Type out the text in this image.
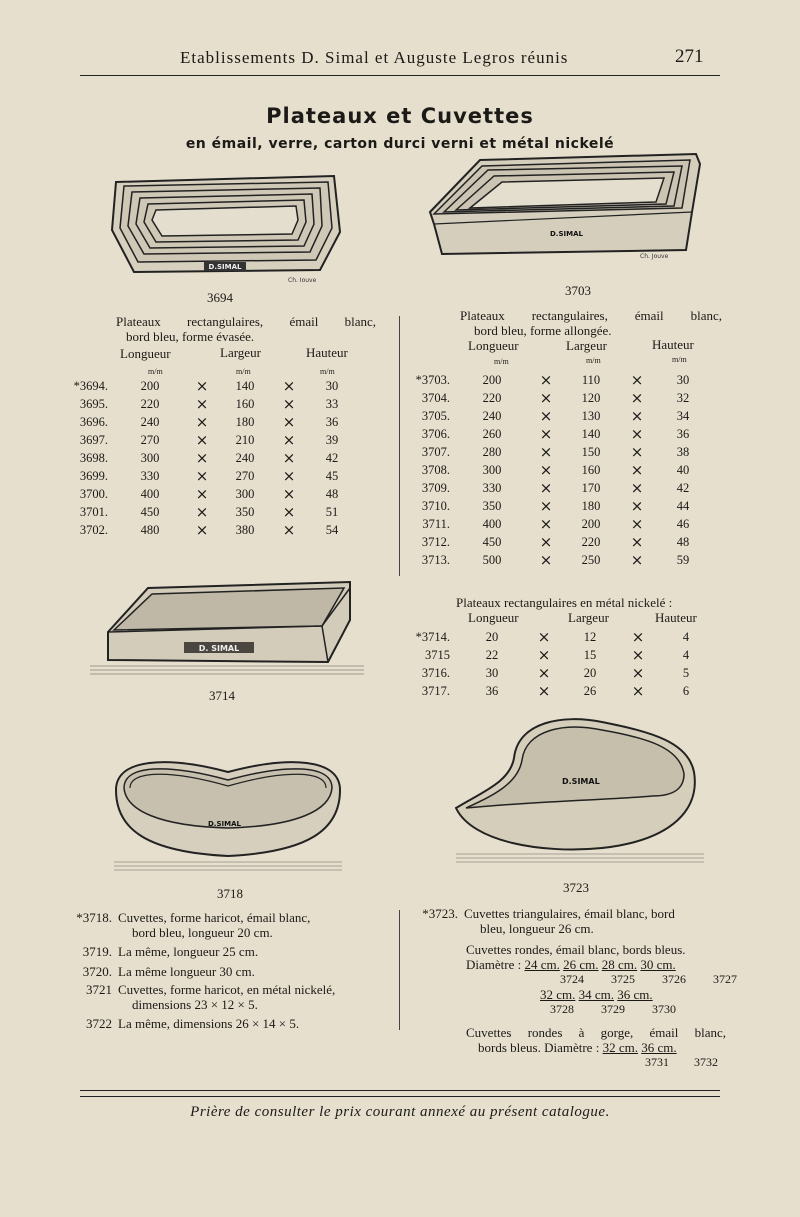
Etablissements D. Simal et Auguste Legros réunis	271
Plateaux et Cuvettes
en émail, verre, carton durci verni et métal nickelé
D.SIMAL
Ch. Jouve
3694
D.SIMAL
Ch. Jouve
3703
Plateaux rectangulaires, émail blanc,
bord bleu, forme évasée.
Longueur	Largeur	Hauteur
m/m	m/m	m/m
*3694.	200	×	140	×	30
3695.	220	×	160	×	33
3696.	240	×	180	×	36
3697.	270	×	210	×	39
3698.	300	×	240	×	42
3699.	330	×	270	×	45
3700.	400	×	300	×	48
3701.	450	×	350	×	51
3702.	480	×	380	×	54
Plateaux rectangulaires, émail blanc,
bord bleu, forme allongée.
Longueur	Largeur	Hauteur
m/m	m/m	m/m
*3703.	200	×	110	×	30
3704.	220	×	120	×	32
3705.	240	×	130	×	34
3706.	260	×	140	×	36
3707.	280	×	150	×	38
3708.	300	×	160	×	40
3709.	330	×	170	×	42
3710.	350	×	180	×	44
3711.	400	×	200	×	46
3712.	450	×	220	×	48
3713.	500	×	250	×	59
D. SIMAL
3714
Plateaux rectangulaires en métal nickelé :
Longueur	Largeur	Hauteur
*3714.	20	×	12	×	4
3715	22	×	15	×	4
3716.	30	×	20	×	5
3717.	36	×	26	×	6
D.SIMAL
3718
D.SIMAL
3723
*3718. Cuvettes, forme haricot, émail blanc,
bord bleu, longueur 20 cm.
3719. La même, longueur 25 cm.
3720. La même longueur 30 cm.
3721 Cuvettes, forme haricot, en métal nickelé,
dimensions 23 × 12 × 5.
3722 La même, dimensions 26 × 14 × 5.
*3723. Cuvettes triangulaires, émail blanc, bord
bleu, longueur 26 cm.
Cuvettes rondes, émail blanc, bords bleus.
Diamètre : 24 cm. 26 cm. 28 cm. 30 cm.
3724 3725 3726 3727
32 cm. 34 cm. 36 cm.
3728 3729 3730
Cuvettes rondes à gorge, émail blanc,
bords bleus. Diamètre : 32 cm. 36 cm.
3731 3732
Prière de consulter le prix courant annexé au présent catalogue.
